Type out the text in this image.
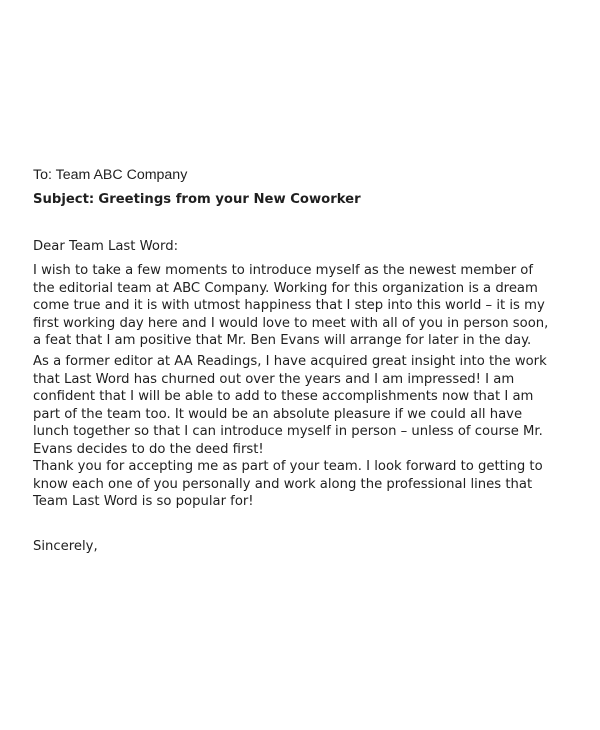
To: Team ABC Company
Subject: Greetings from your New Coworker
Dear Team Last Word:
I wish to take a few moments to introduce myself as the newest member of
the editorial team at ABC Company. Working for this organization is a dream
come true and it is with utmost happiness that I step into this world – it is my
first working day here and I would love to meet with all of you in person soon,
a feat that I am positive that Mr. Ben Evans will arrange for later in the day.
As a former editor at AA Readings, I have acquired great insight into the work
that Last Word has churned out over the years and I am impressed! I am
confident that I will be able to add to these accomplishments now that I am
part of the team too. It would be an absolute pleasure if we could all have
lunch together so that I can introduce myself in person – unless of course Mr.
Evans decides to do the deed first!
Thank you for accepting me as part of your team. I look forward to getting to
know each one of you personally and work along the professional lines that
Team Last Word is so popular for!
Sincerely,
